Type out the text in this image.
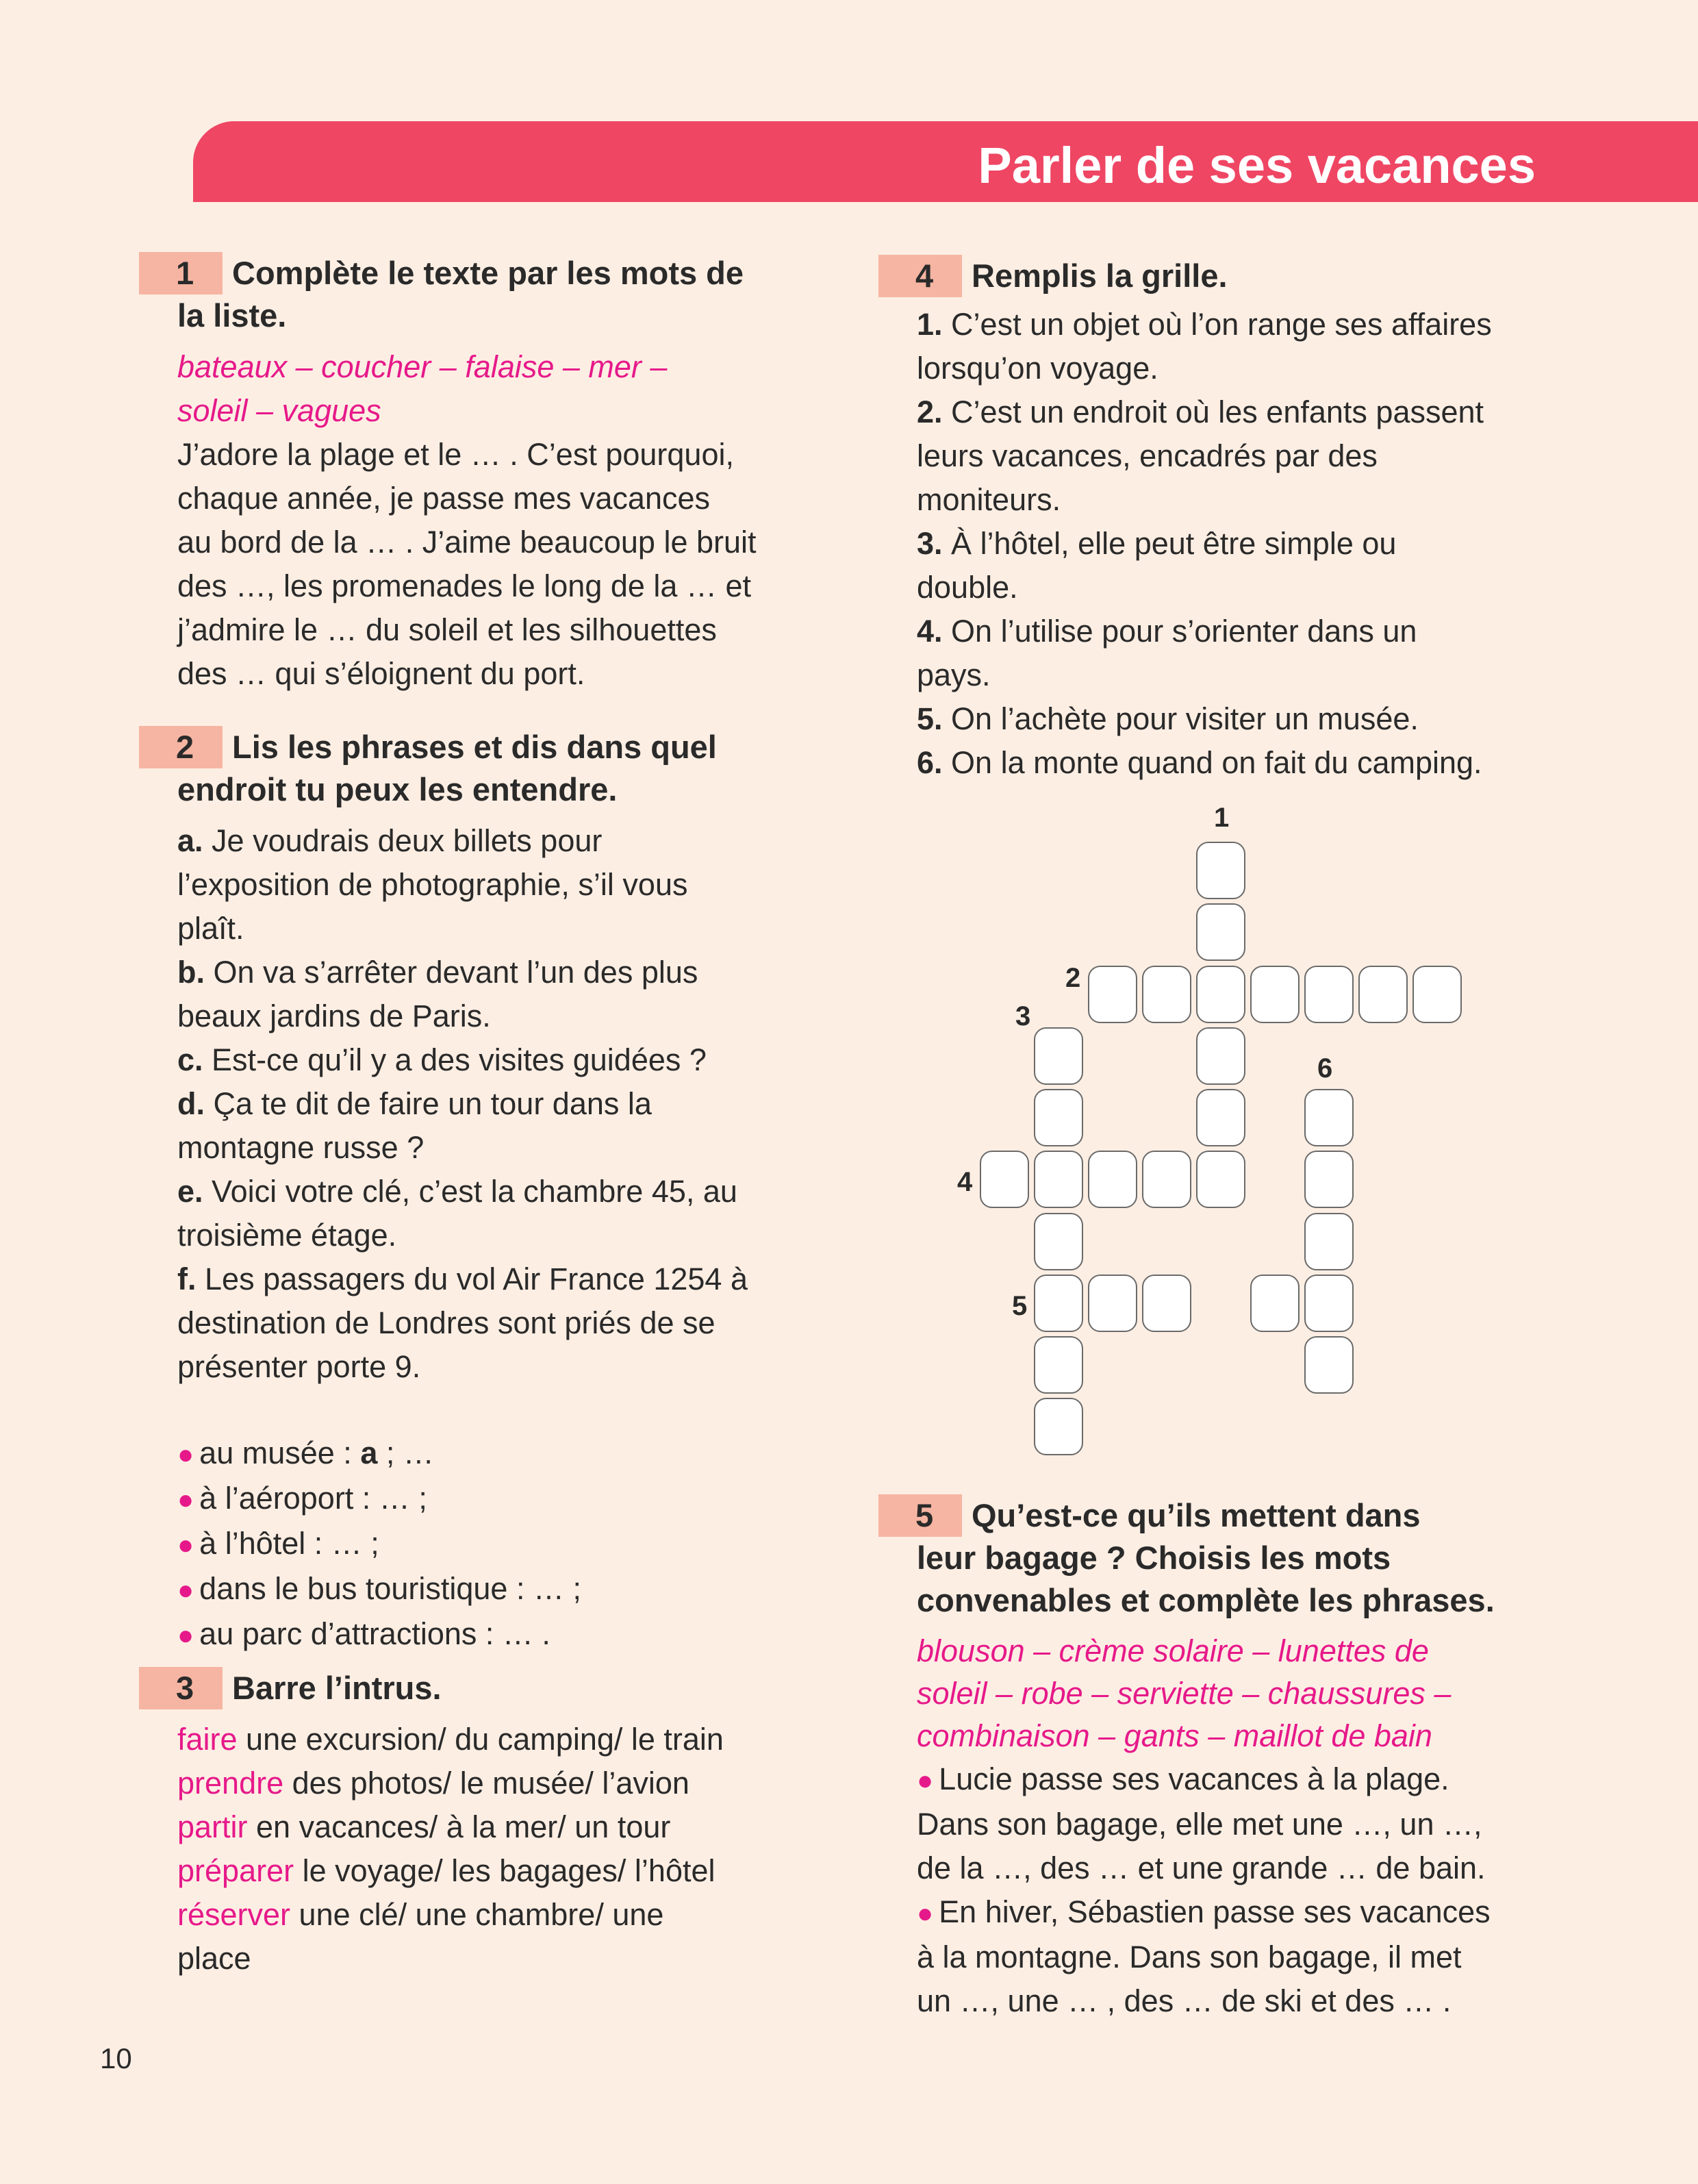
Parler de ses vacances
1 Complète le texte par les mots de
la liste.

bateaux – coucher – falaise – mer –
soleil – vagues

J’adore la plage et le … . C’est pourquoi,
chaque année, je passe mes vacances
au bord de la … . J’aime beaucoup le bruit
des …, les promenades le long de la … et
j’admire le … du soleil et les silhouettes
des … qui s’éloignent du port.

2 Lis les phrases et dis dans quel
endroit tu peux les entendre.

a. Je voudrais deux billets pour
l’exposition de photographie, s’il vous
plaît.
b. On va s’arrêter devant l’un des plus
beaux jardins de Paris.
c. Est-ce qu’il y a des visites guidées ?
d. Ça te dit de faire un tour dans la
montagne russe ?
e. Voici votre clé, c’est la chambre 45, au
troisième étage.
f. Les passagers du vol Air France 1254 à
destination de Londres sont priés de se
présenter porte 9.

● au musée : a ; …
● à l’aéroport : … ;
● à l’hôtel : … ;
● dans le bus touristique : … ;
● au parc d’attractions : … .

3 Barre l’intrus.

faire une excursion/ du camping/ le train
prendre des photos/ le musée/ l’avion
partir en vacances/ à la mer/ un tour
préparer le voyage/ les bagages/ l’hôtel
réserver une clé/ une chambre/ une
place

4 Remplis la grille.

1. C’est un objet où l’on range ses affaires
lorsqu’on voyage.
2. C’est un endroit où les enfants passent
leurs vacances, encadrés par des
moniteurs.
3. À l’hôtel, elle peut être simple ou
double.
4. On l’utilise pour s’orienter dans un
pays.
5. On l’achète pour visiter un musée.
6. On la monte quand on fait du camping.

1
2
3
4
5
6
5 Qu’est-ce qu’ils mettent dans
leur bagage ? Choisis les mots
convenables et complète les phrases.

blouson – crème solaire – lunettes de
soleil – robe – serviette – chaussures –
combinaison – gants – maillot de bain

● Lucie passe ses vacances à la plage.
Dans son bagage, elle met une …, un …,
de la …, des … et une grande … de bain.
● En hiver, Sébastien passe ses vacances
à la montagne. Dans son bagage, il met
un …, une … , des … de ski et des … .

10
